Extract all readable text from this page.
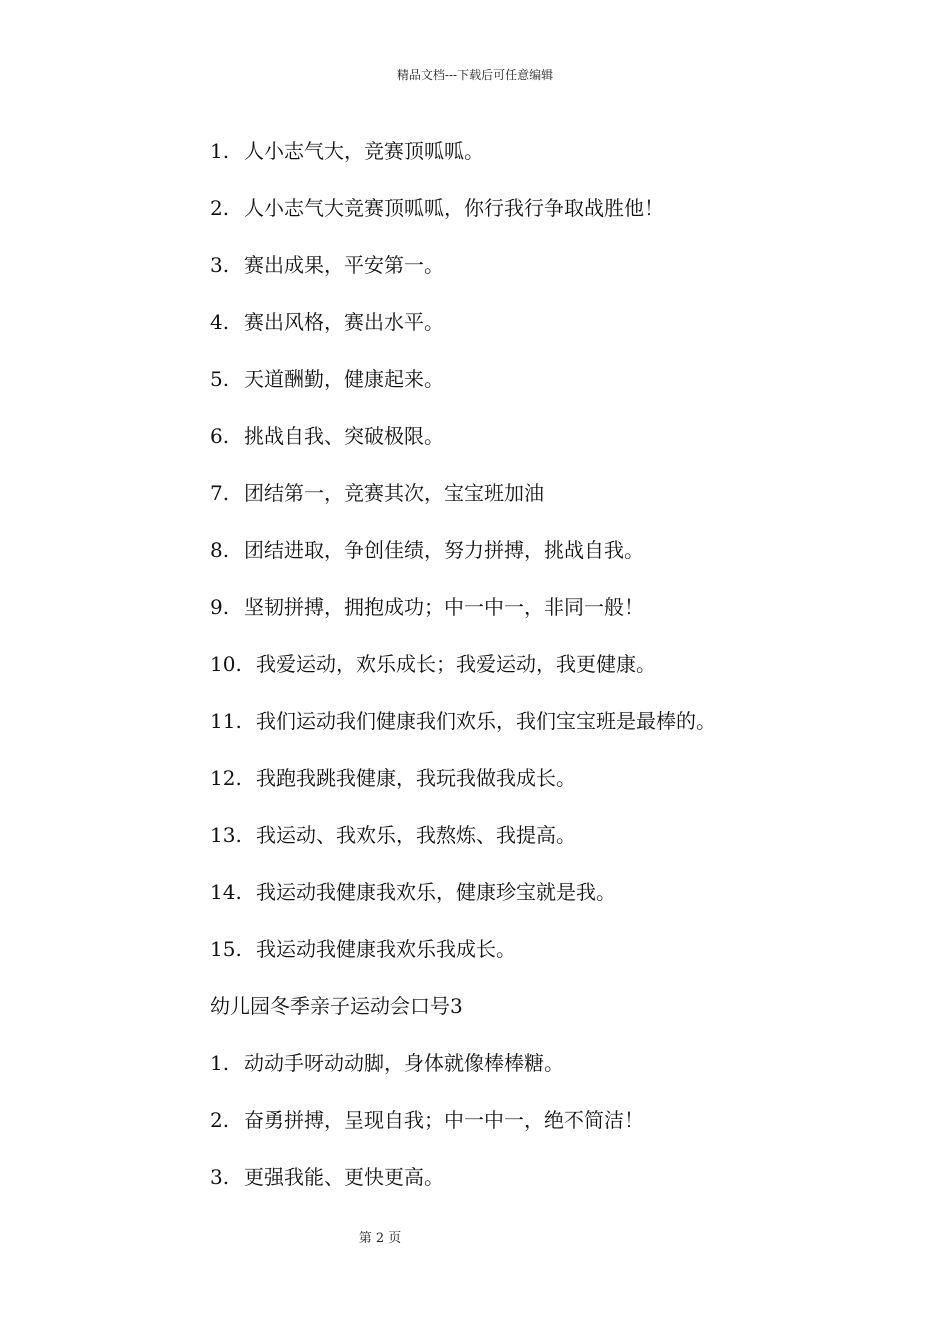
精品文档---下载后可任意编辑
1. 人小志气大，竞赛顶呱呱。
2. 人小志气大竞赛顶呱呱，你行我行争取战胜他！
3. 赛出成果，平安第一。
4. 赛出风格，赛出水平。
5. 天道酬勤，健康起来。
6. 挑战自我、突破极限。
7. 团结第一，竞赛其次，宝宝班加油
8. 团结进取，争创佳绩，努力拼搏，挑战自我。
9. 坚韧拼搏，拥抱成功；中一中一，非同一般！
10. 我爱运动，欢乐成长；我爱运动，我更健康。
11. 我们运动我们健康我们欢乐，我们宝宝班是最棒的。
12. 我跑我跳我健康，我玩我做我成长。
13. 我运动、我欢乐，我熬炼、我提高。
14. 我运动我健康我欢乐，健康珍宝就是我。
15. 我运动我健康我欢乐我成长。
幼儿园冬季亲子运动会口号3
1. 动动手呀动动脚，身体就像棒棒糖。
2. 奋勇拼搏，呈现自我；中一中一，绝不简洁！
3. 更强我能、更快更高。
第 2 页
